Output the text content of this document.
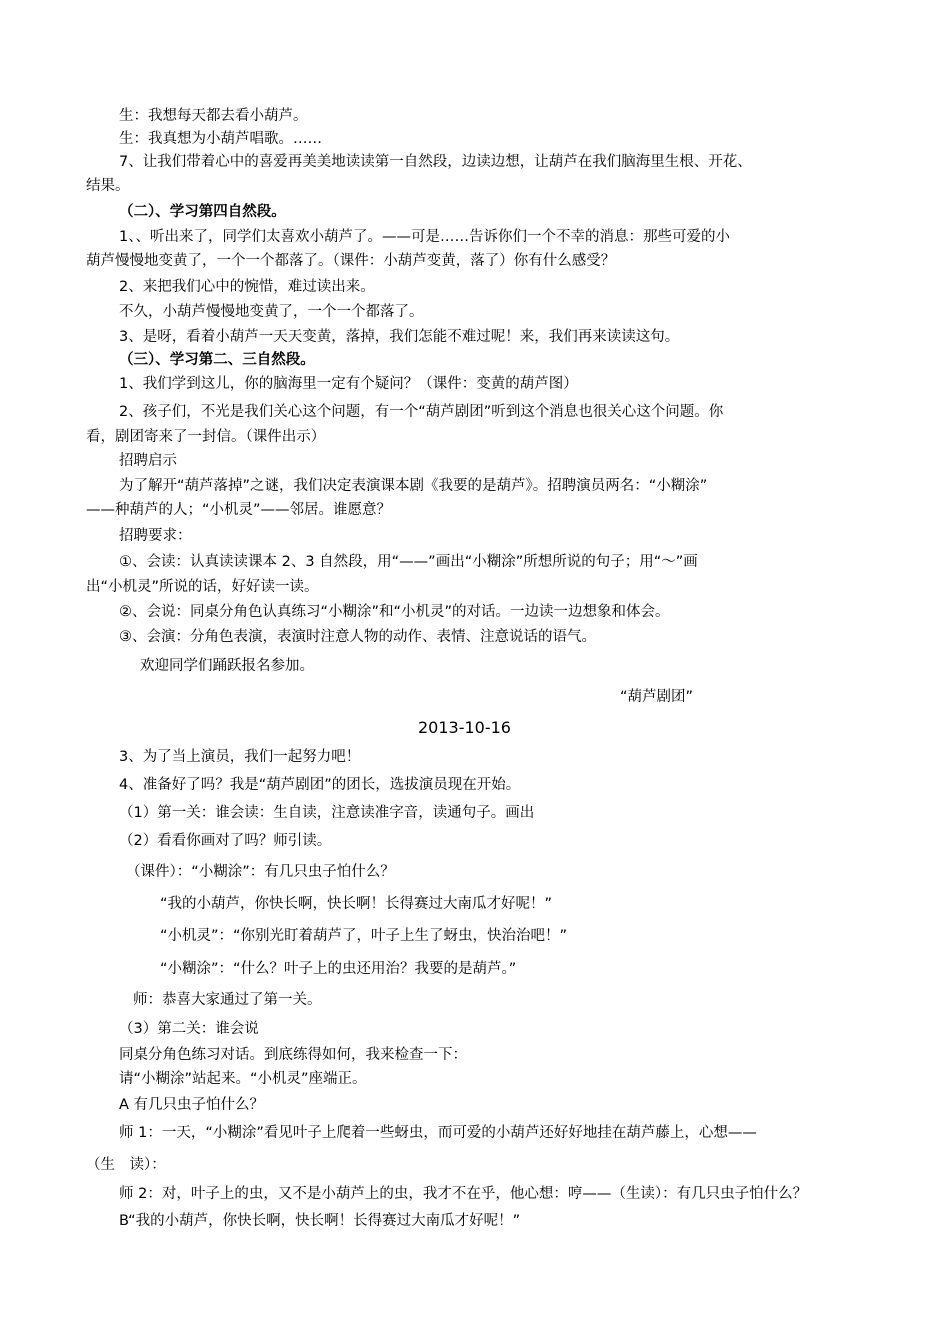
生：我想每天都去看小葫芦。
生：我真想为小葫芦唱歌。……
7、让我们带着心中的喜爱再美美地读读第一自然段，边读边想，让葫芦在我们脑海里生根、开花、
结果。
（二）、学习第四自然段。
1、、听出来了，同学们太喜欢小葫芦了。——可是……告诉你们一个不幸的消息：那些可爱的小
葫芦慢慢地变黄了，一个一个都落了。（课件：小葫芦变黄，落了）你有什么感受？
2、来把我们心中的惋惜，难过读出来。
不久，小葫芦慢慢地变黄了，一个一个都落了。
3、是呀，看着小葫芦一天天变黄，落掉，我们怎能不难过呢！来，我们再来读读这句。
（三）、学习第二、三自然段。
1、我们学到这儿，你的脑海里一定有个疑问？（课件：变黄的葫芦图）
2、孩子们，不光是我们关心这个问题，有一个“葫芦剧团”听到这个消息也很关心这个问题。你
看，剧团寄来了一封信。（课件出示）
招聘启示
为了解开“葫芦落掉”之谜，我们决定表演课本剧《我要的是葫芦》。招聘演员两名：“小糊涂”
——种葫芦的人；“小机灵”——邻居。谁愿意？
招聘要求：
①、会读：认真读读课本 2、3 自然段，用“——”画出“小糊涂”所想所说的句子；用“～”画
出“小机灵”所说的话，好好读一读。
②、会说：同桌分角色认真练习“小糊涂”和“小机灵”的对话。一边读一边想象和体会。
③、会演：分角色表演，表演时注意人物的动作、表情、注意说话的语气。
欢迎同学们踊跃报名参加。
“葫芦剧团”
2013-10-16
3、为了当上演员，我们一起努力吧！
4、准备好了吗？我是“葫芦剧团”的团长，选拔演员现在开始。
（1）第一关：谁会读：生自读，注意读准字音，读通句子。画出
（2）看看你画对了吗？师引读。
（课件）：“小糊涂”：有几只虫子怕什么？
“我的小葫芦，你快长啊，快长啊！长得赛过大南瓜才好呢！”
“小机灵”：“你别光盯着葫芦了，叶子上生了蚜虫，快治治吧！”
“小糊涂”：“什么？叶子上的虫还用治？我要的是葫芦。”
师：恭喜大家通过了第一关。
（3）第二关：谁会说
同桌分角色练习对话。到底练得如何，我来检查一下：
请“小糊涂”站起来。“小机灵”座端正。
A 有几只虫子怕什么？
师 1：一天，“小糊涂”看见叶子上爬着一些蚜虫，而可爱的小葫芦还好好地挂在葫芦藤上，心想——
（生　读）：
师 2：对，叶子上的虫，又不是小葫芦上的虫，我才不在乎，他心想：哼——（生读）：有几只虫子怕什么？
B“我的小葫芦，你快长啊，快长啊！长得赛过大南瓜才好呢！”
